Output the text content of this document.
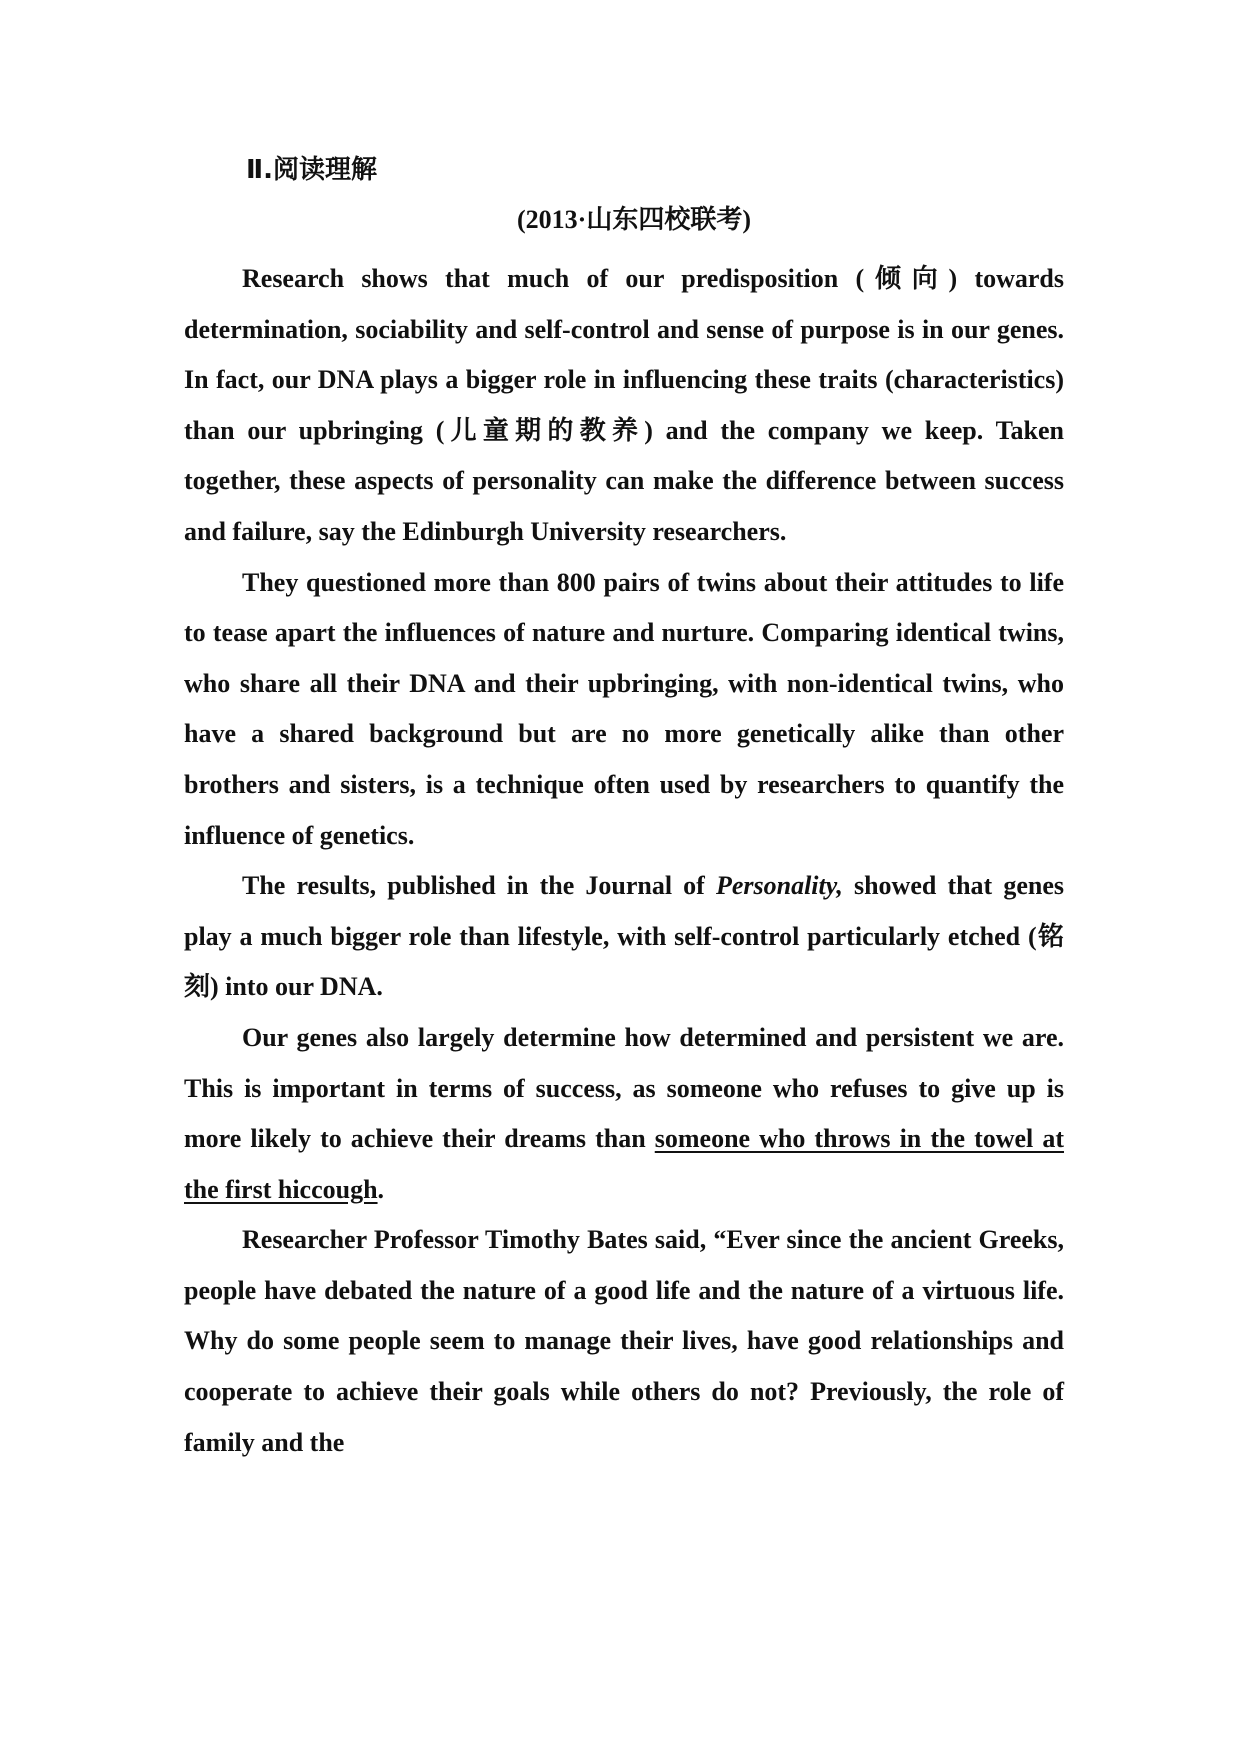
Ⅱ.阅读理解
(2013·山东四校联考)

Research shows that much of our predisposition (倾向) towards determination, sociability and self-control and sense of purpose is in our genes. In fact, our DNA plays a bigger role in influencing these traits (characteristics) than our upbringing (儿童期的教养) and the company we keep. Taken together, these aspects of personality can make the difference between success and failure, say the Edinburgh University researchers.

They questioned more than 800 pairs of twins about their attitudes to life to tease apart the influences of nature and nurture. Comparing identical twins, who share all their DNA and their upbringing, with non-identical twins, who have a shared background but are no more genetically alike than other brothers and sisters, is a technique often used by researchers to quantify the influence of genetics.

The results, published in the Journal of Personality, showed that genes play a much bigger role than lifestyle, with self-control particularly etched (铭刻) into our DNA.

Our genes also largely determine how determined and persistent we are. This is important in terms of success, as someone who refuses to give up is more likely to achieve their dreams than someone who throws in the towel at the first hiccough.

Researcher Professor Timothy Bates said, “Ever since the ancient Greeks, people have debated the nature of a good life and the nature of a virtuous life. Why do some people seem to manage their lives, have good relationships and cooperate to achieve their goals while others do not? Previously, the role of family and the
